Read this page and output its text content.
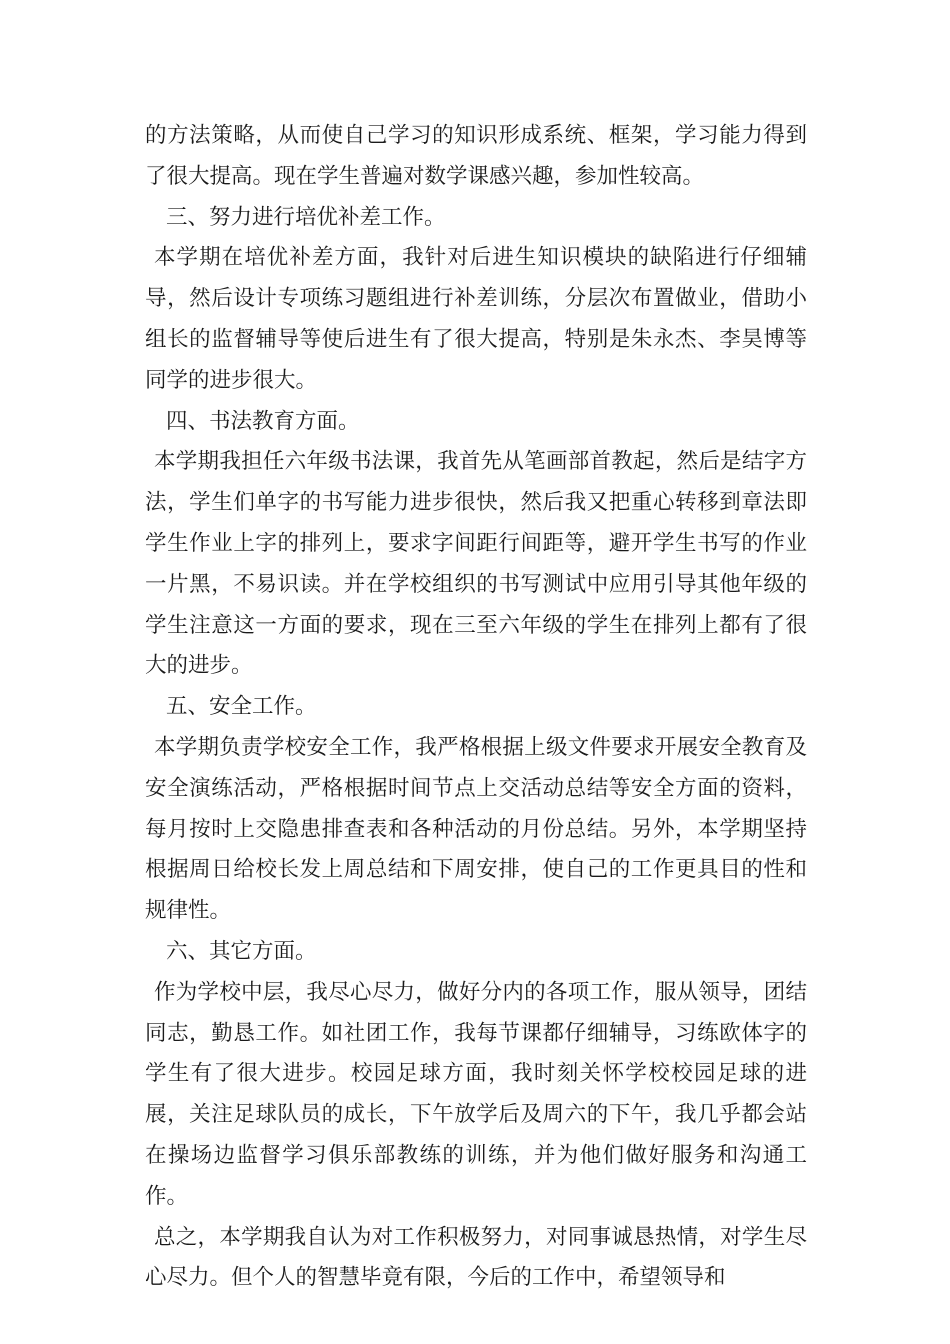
的方法策略，从而使自己学习的知识形成系统、框架，学习能力得到了很大提高。现在学生普遍对数学课感兴趣，参加性较高。

三、努力进行培优补差工作。

本学期在培优补差方面，我针对后进生知识模块的缺陷进行仔细辅导，然后设计专项练习题组进行补差训练，分层次布置做业，借助小组长的监督辅导等使后进生有了很大提高，特别是朱永杰、李昊博等同学的进步很大。

四、书法教育方面。

本学期我担任六年级书法课，我首先从笔画部首教起，然后是结字方法，学生们单字的书写能力进步很快，然后我又把重心转移到章法即学生作业上字的排列上，要求字间距行间距等，避开学生书写的作业一片黑，不易识读。并在学校组织的书写测试中应用引导其他年级的学生注意这一方面的要求，现在三至六年级的学生在排列上都有了很大的进步。

五、安全工作。

本学期负责学校安全工作，我严格根据上级文件要求开展安全教育及安全演练活动，严格根据时间节点上交活动总结等安全方面的资料，每月按时上交隐患排查表和各种活动的月份总结。另外，本学期坚持根据周日给校长发上周总结和下周安排，使自己的工作更具目的性和规律性。

六、其它方面。

作为学校中层，我尽心尽力，做好分内的各项工作，服从领导，团结同志，勤恳工作。如社团工作，我每节课都仔细辅导，习练欧体字的学生有了很大进步。校园足球方面，我时刻关怀学校校园足球的进展，关注足球队员的成长，下午放学后及周六的下午，我几乎都会站在操场边监督学习俱乐部教练的训练，并为他们做好服务和沟通工作。

总之，本学期我自认为对工作积极努力，对同事诚恳热情，对学生尽心尽力。但个人的智慧毕竟有限，今后的工作中，希望领导和
